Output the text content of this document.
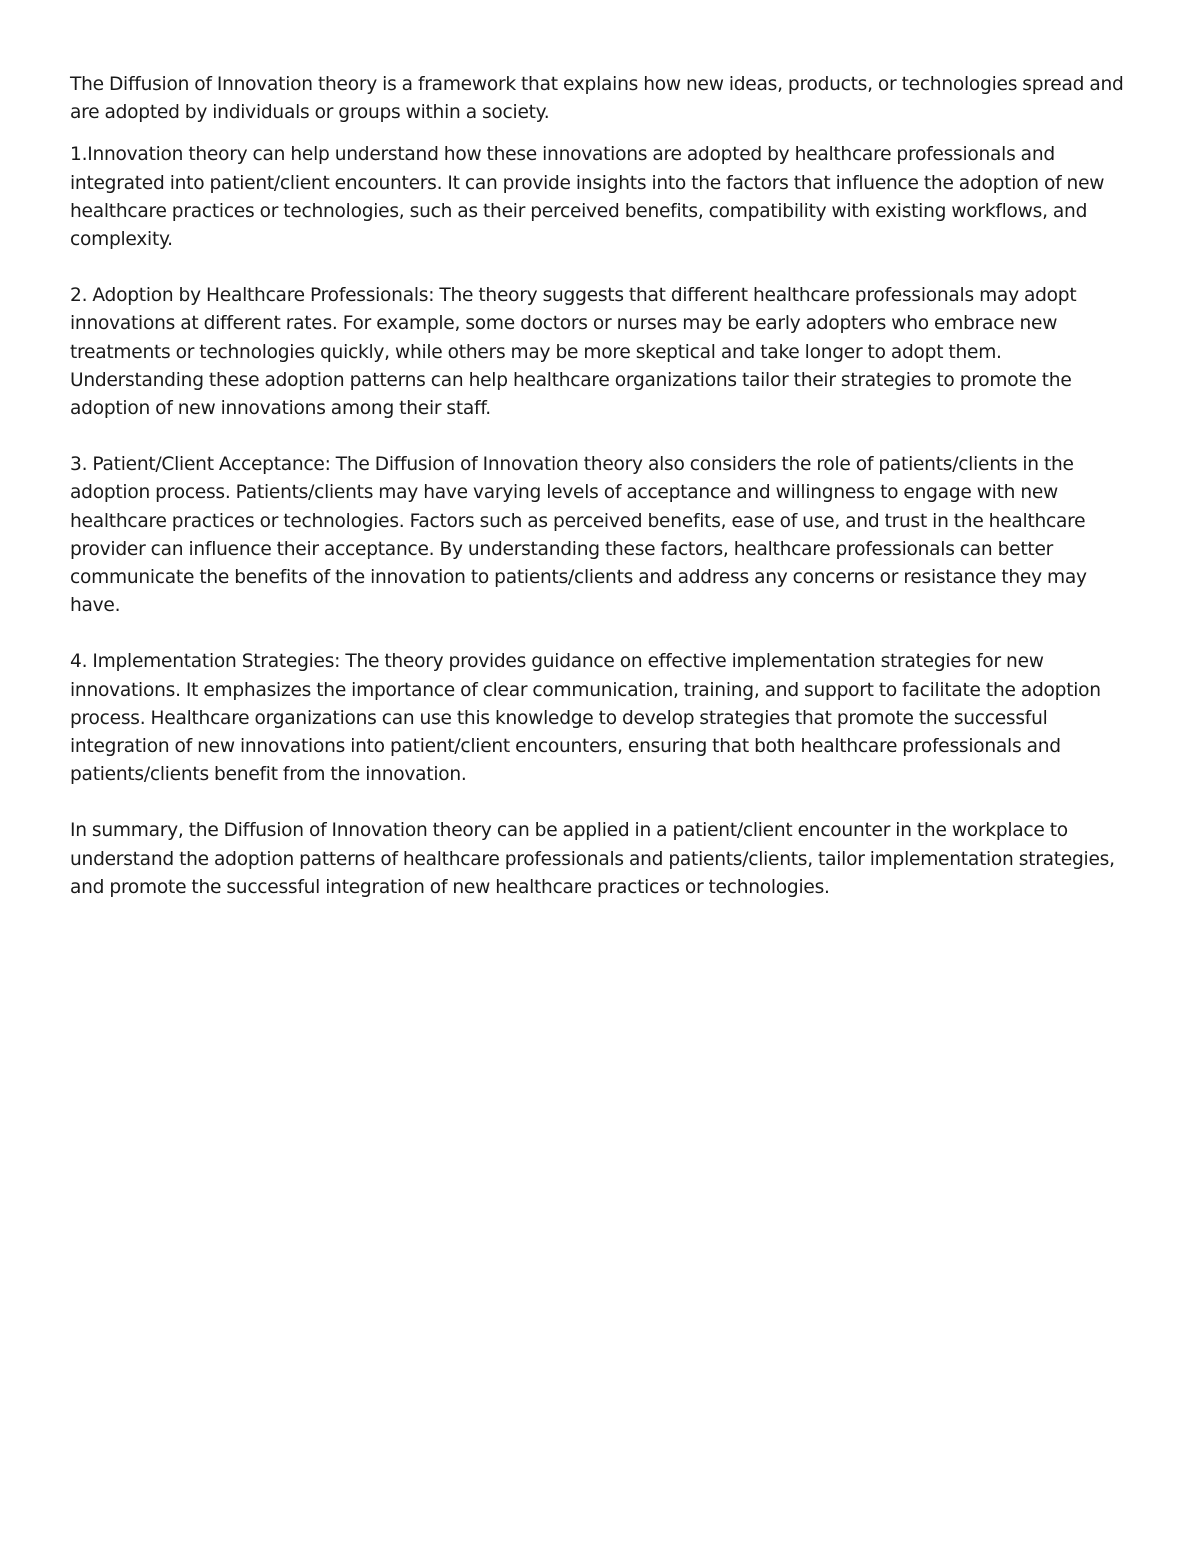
The Diffusion of Innovation theory is a framework that explains how new ideas, products, or technologies spread and are adopted by individuals or groups within a society.

1.Innovation theory can help understand how these innovations are adopted by healthcare professionals and integrated into patient/client encounters. It can provide insights into the factors that influence the adoption of new healthcare practices or technologies, such as their perceived benefits, compatibility with existing workflows, and complexity.

2. Adoption by Healthcare Professionals: The theory suggests that different healthcare professionals may adopt innovations at different rates. For example, some doctors or nurses may be early adopters who embrace new treatments or technologies quickly, while others may be more skeptical and take longer to adopt them. Understanding these adoption patterns can help healthcare organizations tailor their strategies to promote the adoption of new innovations among their staff.

3. Patient/Client Acceptance: The Diffusion of Innovation theory also considers the role of patients/clients in the adoption process. Patients/clients may have varying levels of acceptance and willingness to engage with new healthcare practices or technologies. Factors such as perceived benefits, ease of use, and trust in the healthcare provider can influence their acceptance. By understanding these factors, healthcare professionals can better communicate the benefits of the innovation to patients/clients and address any concerns or resistance they may have.

4. Implementation Strategies: The theory provides guidance on effective implementation strategies for new innovations. It emphasizes the importance of clear communication, training, and support to facilitate the adoption process. Healthcare organizations can use this knowledge to develop strategies that promote the successful integration of new innovations into patient/client encounters, ensuring that both healthcare professionals and patients/clients benefit from the innovation.

In summary, the Diffusion of Innovation theory can be applied in a patient/client encounter in the workplace to understand the adoption patterns of healthcare professionals and patients/clients, tailor implementation strategies, and promote the successful integration of new healthcare practices or technologies.
